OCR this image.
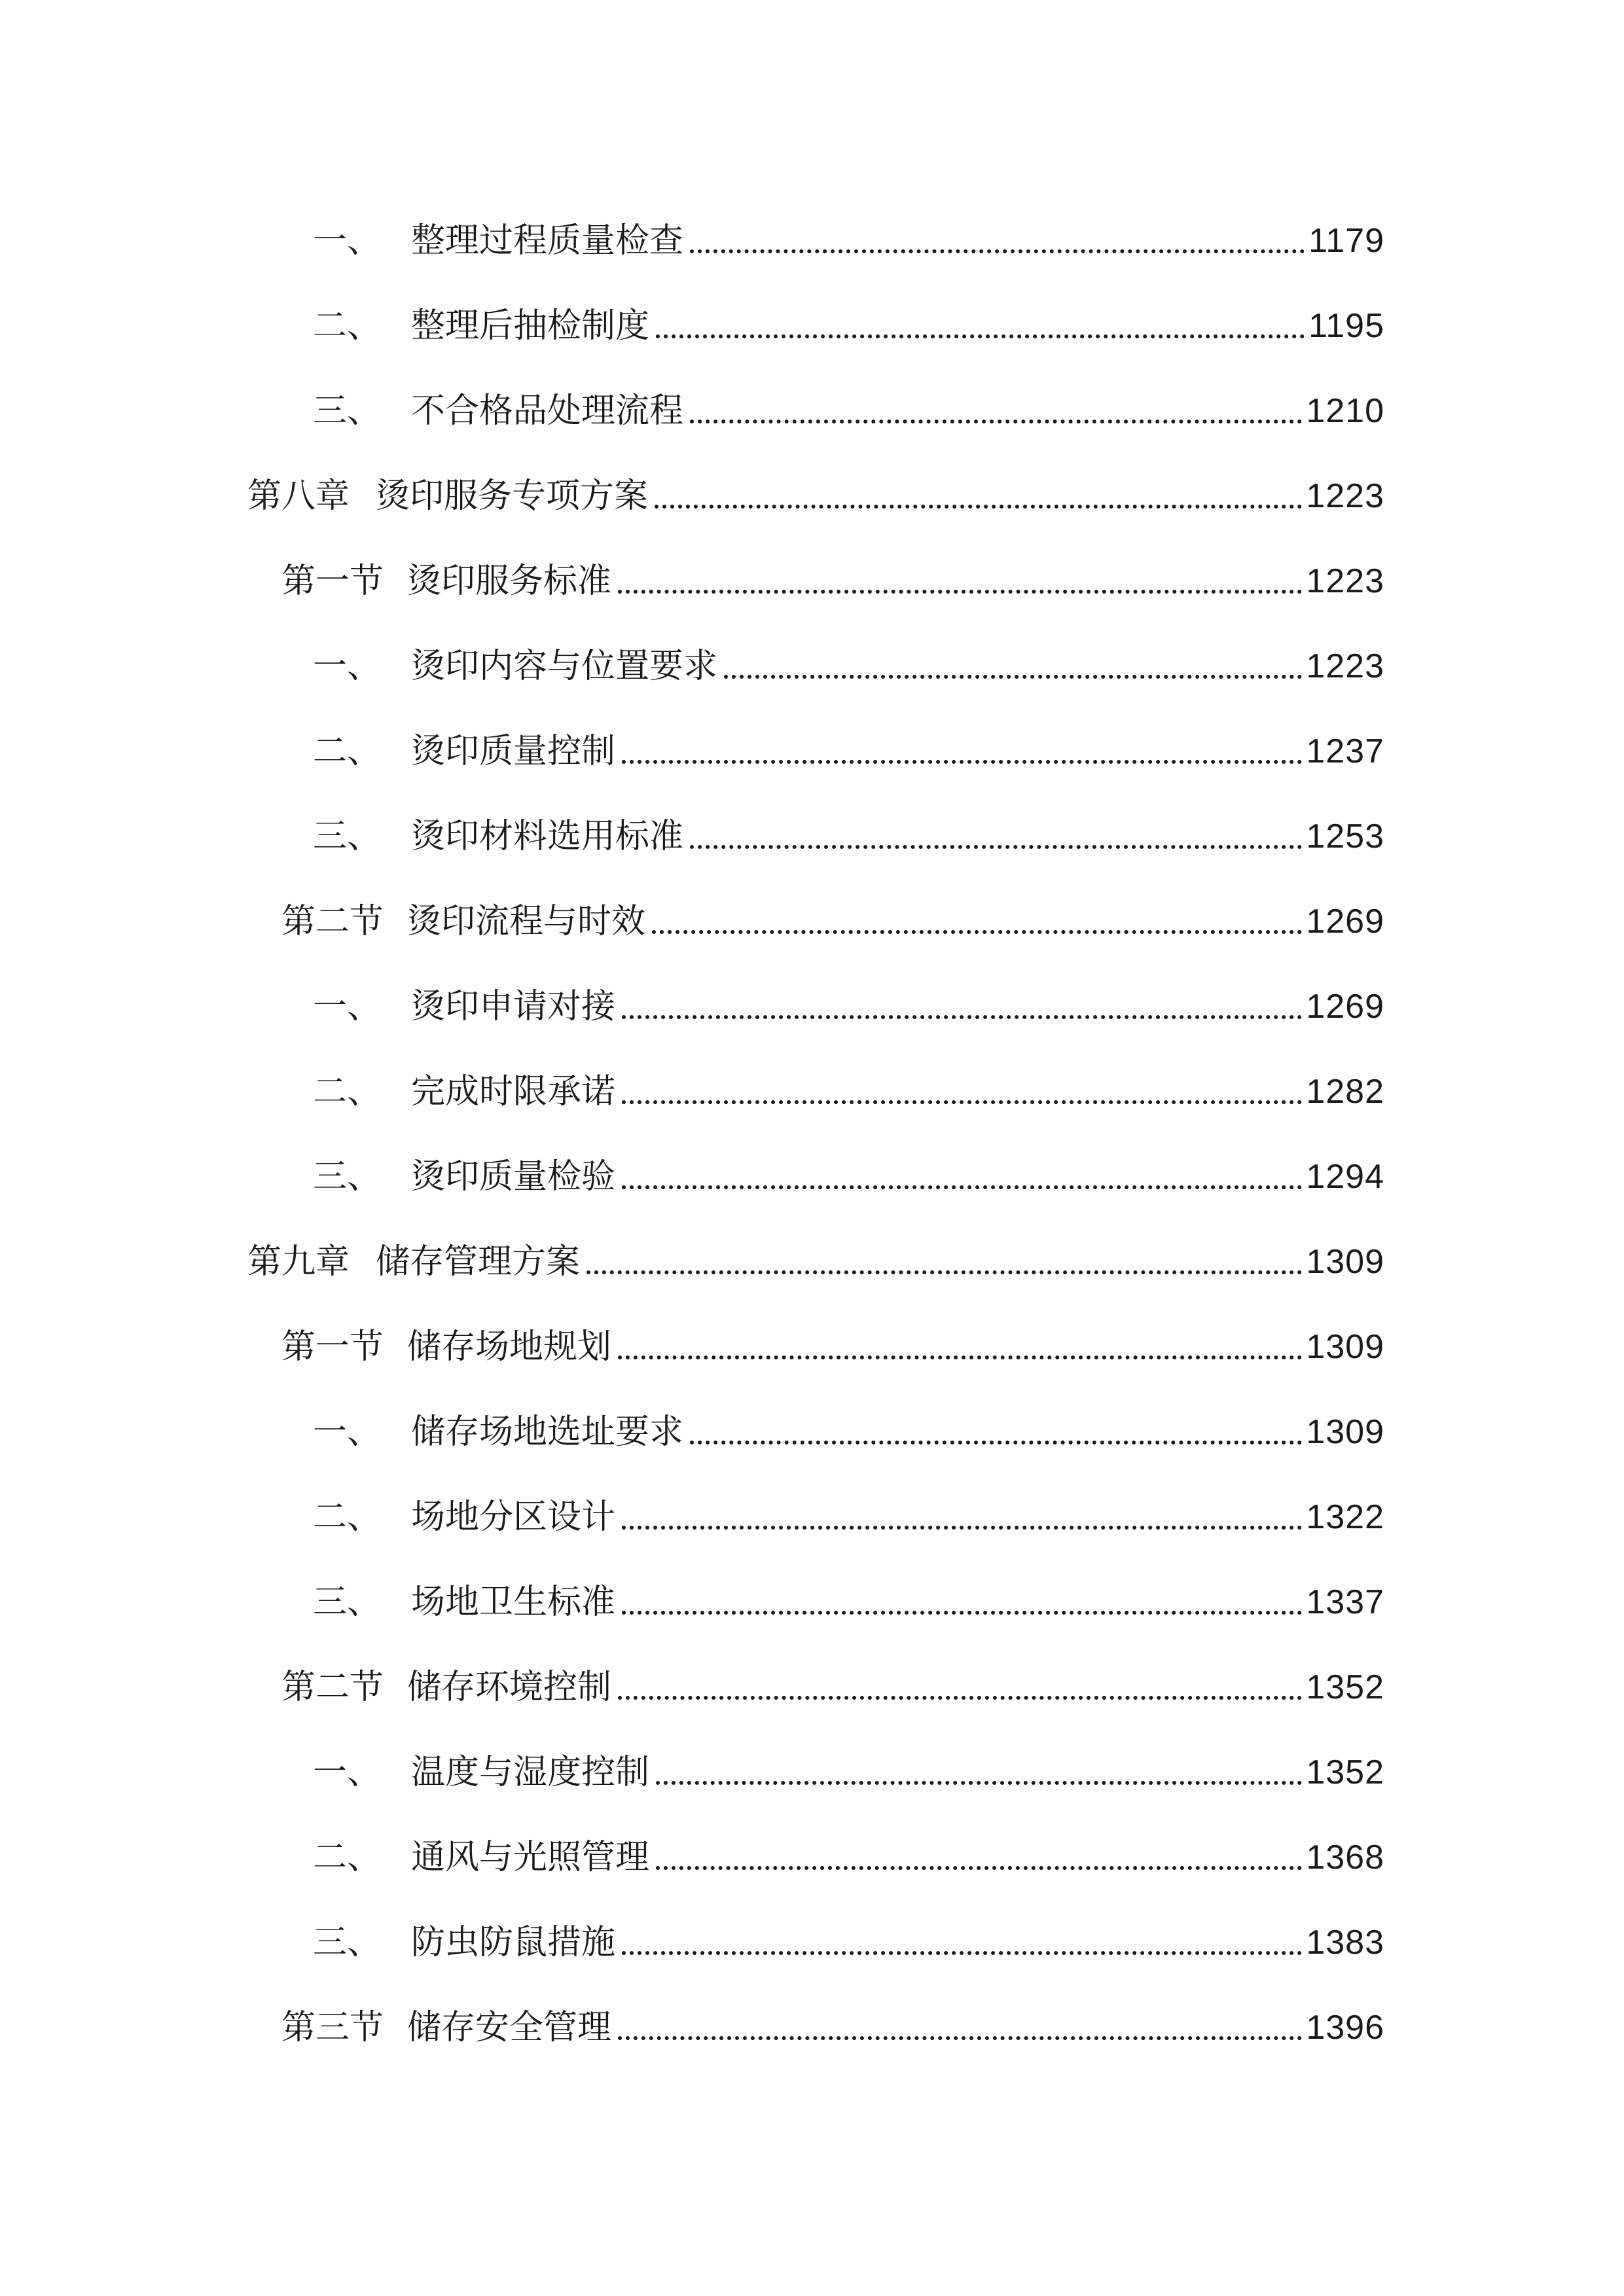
一、 整理过程质量检查	1179
二、 整理后抽检制度	1195
三、 不合格品处理流程	1210
第八章 烫印服务专项方案	1223
第一节 烫印服务标准	1223
一、 烫印内容与位置要求	1223
二、 烫印质量控制	1237
三、 烫印材料选用标准	1253
第二节 烫印流程与时效	1269
一、 烫印申请对接	1269
二、 完成时限承诺	1282
三、 烫印质量检验	1294
第九章 储存管理方案	1309
第一节 储存场地规划	1309
一、 储存场地选址要求	1309
二、 场地分区设计	1322
三、 场地卫生标准	1337
第二节 储存环境控制	1352
一、 温度与湿度控制	1352
二、 通风与光照管理	1368
三、 防虫防鼠措施	1383
第三节 储存安全管理	1396
